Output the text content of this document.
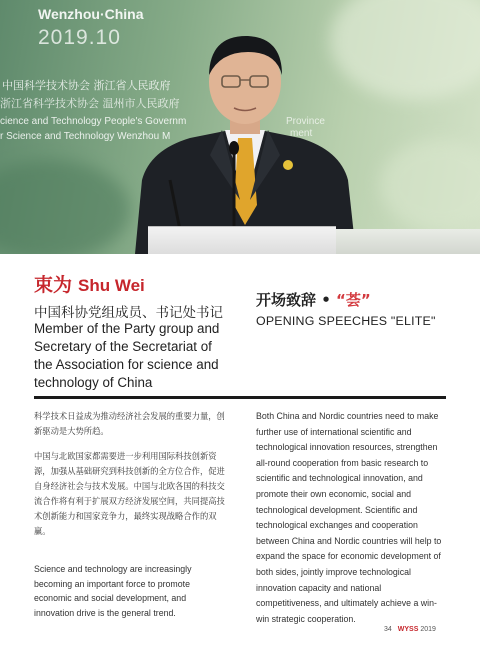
Wenzhou·China
2019.10
中国科学技术协会 浙江省人民政府
浙江省科学技术协会 温州市人民政府
cience and Technology People's Governm
r Science and Technology Wenzhou M
Province
ment
束为 Shu Wei
中国科协党组成员、书记处书记
Member of the Party group and Secretary of the Secretariat of the Association for science and technology of China
开场致辞 • “荟”
OPENING SPEECHES "ELITE"

科学技术日益成为推动经济社会发展的重要力量，创新驱动是大势所趋。

中国与北欧国家都需要进一步利用国际科技创新资源，加强从基础研究到科技创新的全方位合作，促进自身经济社会与技术发展。中国与北欧各国的科技交流合作将有利于扩展双方经济发展空间，共同提高技术创新能力和国家竞争力，最终实现战略合作的双赢。

Science and technology are increasingly becoming an important force to promote economic and social development, and innovation drive is the general trend.

Both China and Nordic countries need to make further use of international scientific and technological innovation resources, strengthen all-round cooperation from basic research to scientific and technological innovation, and promote their own economic, social and technological development. Scientific and technological exchanges and cooperation between China and Nordic countries will help to expand the space for economic development of both sides, jointly improve technological innovation capacity and national competitiveness, and ultimately achieve a win-win strategic cooperation.

34 WYSS 2019
